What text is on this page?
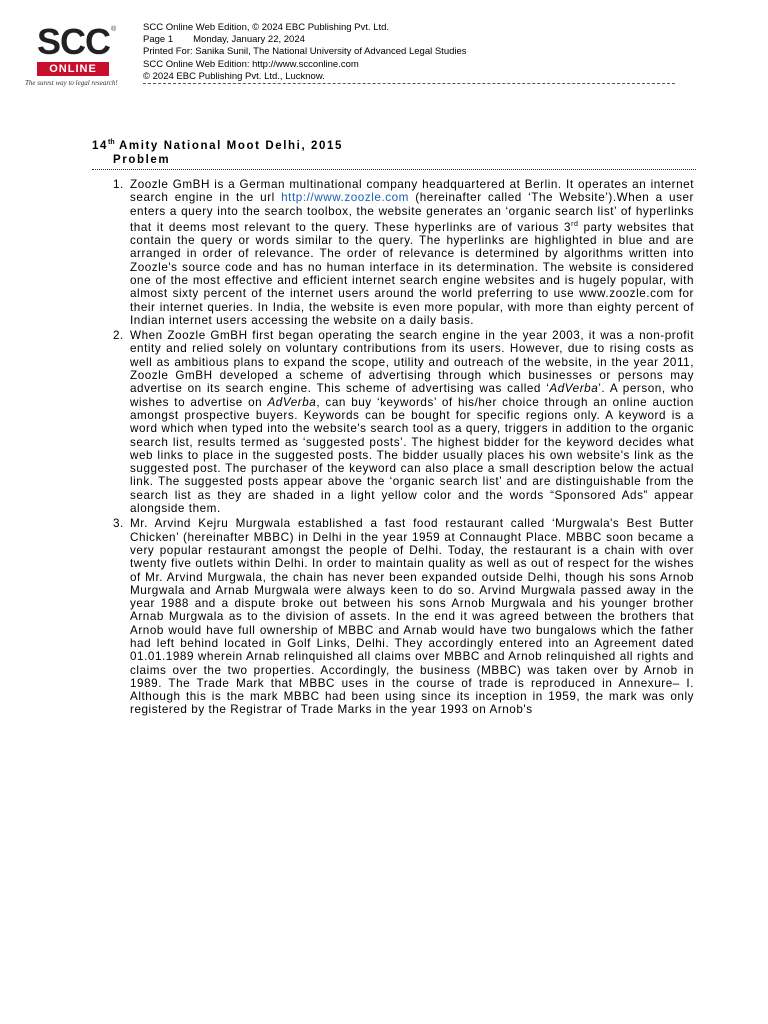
SCC ®
ONLINE
The surest way to legal research!
SCC Online Web Edition, © 2024 EBC Publishing Pvt. Ltd.
Page 1 Monday, January 22, 2024
Printed For: Sanika Sunil, The National University of Advanced Legal Studies
SCC Online Web Edition: http://www.scconline.com
© 2024 EBC Publishing Pvt. Ltd., Lucknow.
14th Amity National Moot Delhi, 2015
Problem
1. Zoozle GmBH is a German multinational company headquartered at Berlin. It operates an internet search engine in the url http://www.zoozle.com (hereinafter called ‘The Website’).When a user enters a query into the search toolbox, the website generates an ‘organic search list’ of hyperlinks that it deems most relevant to the query. These hyperlinks are of various 3rd party websites that contain the query or words similar to the query. The hyperlinks are highlighted in blue and are arranged in order of relevance. The order of relevance is determined by algorithms written into Zoozle's source code and has no human interface in its determination. The website is considered one of the most effective and efficient internet search engine websites and is hugely popular, with almost sixty percent of the internet users around the world preferring to use www.zoozle.com for their internet queries. In India, the website is even more popular, with more than eighty percent of Indian internet users accessing the website on a daily basis.
2. When Zoozle GmBH first began operating the search engine in the year 2003, it was a non-profit entity and relied solely on voluntary contributions from its users. However, due to rising costs as well as ambitious plans to expand the scope, utility and outreach of the website, in the year 2011, Zoozle GmBH developed a scheme of advertising through which businesses or persons may advertise on its search engine. This scheme of advertising was called ‘AdVerba’. A person, who wishes to advertise on AdVerba, can buy ‘keywords’ of his/her choice through an online auction amongst prospective buyers. Keywords can be bought for specific regions only. A keyword is a word which when typed into the website's search tool as a query, triggers in addition to the organic search list, results termed as ‘suggested posts’. The highest bidder for the keyword decides what web links to place in the suggested posts. The bidder usually places his own website's link as the suggested post. The purchaser of the keyword can also place a small description below the actual link. The suggested posts appear above the ‘organic search list’ and are distinguishable from the search list as they are shaded in a light yellow color and the words “Sponsored Ads” appear alongside them.
3. Mr. Arvind Kejru Murgwala established a fast food restaurant called ‘Murgwala's Best Butter Chicken’ (hereinafter MBBC) in Delhi in the year 1959 at Connaught Place. MBBC soon became a very popular restaurant amongst the people of Delhi. Today, the restaurant is a chain with over twenty five outlets within Delhi. In order to maintain quality as well as out of respect for the wishes of Mr. Arvind Murgwala, the chain has never been expanded outside Delhi, though his sons Arnob Murgwala and Arnab Murgwala were always keen to do so. Arvind Murgwala passed away in the year 1988 and a dispute broke out between his sons Arnob Murgwala and his younger brother Arnab Murgwala as to the division of assets. In the end it was agreed between the brothers that Arnob would have full ownership of MBBC and Arnab would have two bungalows which the father had left behind located in Golf Links, Delhi. They accordingly entered into an Agreement dated 01.01.1989 wherein Arnab relinquished all claims over MBBC and Arnob relinquished all rights and claims over the two properties. Accordingly, the business (MBBC) was taken over by Arnob in 1989. The Trade Mark that MBBC uses in the course of trade is reproduced in Annexure– I. Although this is the mark MBBC had been using since its inception in 1959, the mark was only registered by the Registrar of Trade Marks in the year 1993 on Arnob's
